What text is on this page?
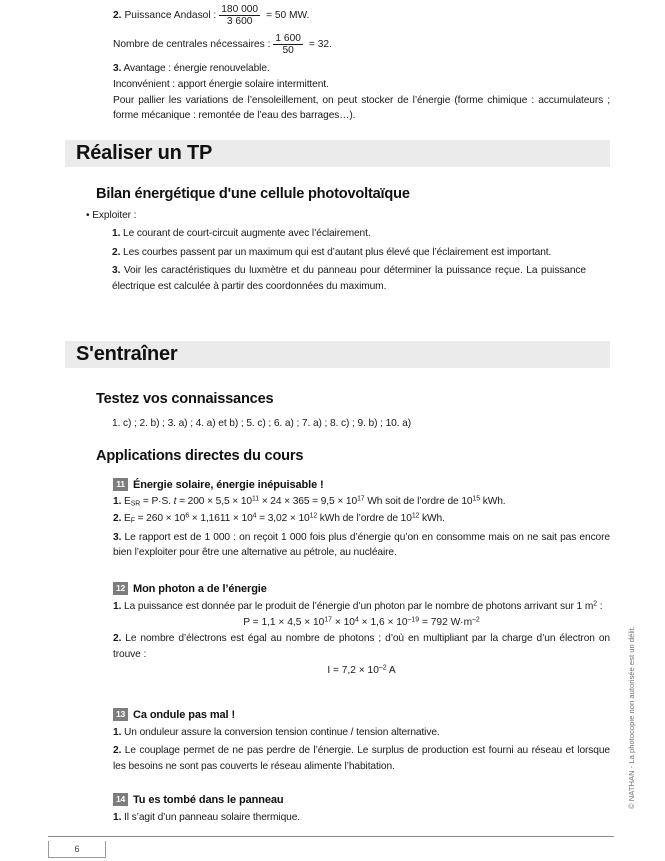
2. Puissance Andasol : $\frac{180 000}{3 600} = 50$ MW.
Nombre de centrales nécessaires : $\frac{1 600}{50} = 32$.
3. Avantage : énergie renouvelable.
Inconvénient : apport énergie solaire intermittent.
Pour pallier les variations de l’ensoleillement, on peut stocker de l’énergie (forme chimique : accumulateurs ; forme mécanique : remontée de l’eau des barrages…).
Réaliser un TP
Bilan énergétique d'une cellule photovoltaïque
• Exploiter :
1. Le courant de court-circuit augmente avec l’éclairement.
2. Les courbes passent par un maximum qui est d’autant plus élevé que l’éclairement est important.
3. Voir les caractéristiques du luxmètre et du panneau pour déterminer la puissance reçue. La puissance électrique est calculée à partir des coordonnées du maximum.
S'entraîner
Testez vos connaissances
1. c) ; 2. b) ; 3. a) ; 4. a) et b) ; 5. c) ; 6. a) ; 7. a) ; 8. c) ; 9. b) ; 10. a)
Applications directes du cours
11 Énergie solaire, énergie inépuisable !
1. $E_{SR} = P\cdot S$. $t = 200 \times 5,5 \times 10^{11} \times 24 \times 365 = 9,5 \times 10^{17}$ Wh soit de l’ordre de $10^{15}$ kWh.
2. $E_F = 260 \times 10^6 \times 1,1611 \times 10^4 = 3,02 \times 10^{12}$ kWh de l’ordre de $10^{12}$ kWh.
3. Le rapport est de 1 000 : on reçoit 1 000 fois plus d’énergie qu’on en consomme mais on ne sait pas encore bien l’exploiter pour être une alternative au pétrole, au nucléaire.
12 Mon photon a de l’énergie
1. La puissance est donnée par le produit de l’énergie d’un photon par le nombre de photons arrivant sur 1 $m^2$ :
$P = 1,1 \times 4,5 \times 10^{17} \times 10^4 \times 1,6 \times 10^{-19} = 792$ $W\cdot m^{-2}$
2. Le nombre d’électrons est égal au nombre de photons ; d’où en multipliant par la charge d’un électron on trouve :
$I = 7,2 \times 10^{-2}$ A
13 Ca ondule pas mal !
1. Un onduleur assure la conversion tension continue / tension alternative.
2. Le couplage permet de ne pas perdre de l’énergie. Le surplus de production est fourni au réseau et lorsque les besoins ne sont pas couverts le réseau alimente l’habitation.
14 Tu es tombé dans le panneau
1. Il s’agit d’un panneau solaire thermique.
© NATHAN - La photocopie non autorisée est un délit.
6
